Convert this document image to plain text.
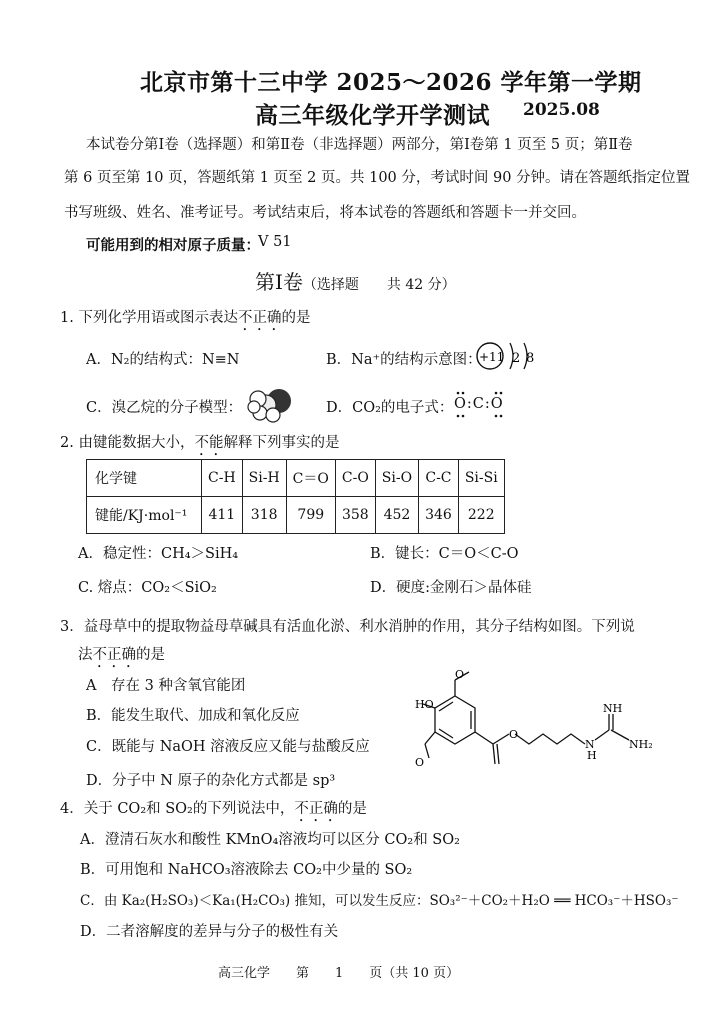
北京市第十三中学 2025～2026 学年第一学期
高三年级化学开学测试 2025.08
本试卷分第Ⅰ卷（选择题）和第Ⅱ卷（非选择题）两部分，第Ⅰ卷第 1 页至 5 页；第Ⅱ卷
第 6 页至第 10 页，答题纸第 1 页至 2 页。共 100 分，考试时间 90 分钟。请在答题纸指定位置
书写班级、姓名、准考证号。考试结束后，将本试卷的答题纸和答题卡一并交回。
可能用到的相对原子质量：
V 51
第Ⅰ卷（选择题　　共 42 分）
1. 下列化学用语或图示表达不正确的是
A．N₂的结构式：N≡N	B．Na⁺的结构示意图：
+11 2 8
C．溴乙烷的分子模型：	D．CO₂的电子式： O:C:O
2. 由键能数据大小，不能解释下列事实的是
化学键	C-H	Si-H	C＝O	C-O	Si-O	C-C	Si-Si
键能/KJ·mol⁻¹	411	318	799	358	452	346	222
A．稳定性：CH₄＞SiH₄	B．键长：C＝O＜C-O
C. 熔点：CO₂＜SiO₂	D．硬度:金刚石＞晶体硅
3．益母草中的提取物益母草碱具有活血化淤、利水消肿的作用，其分子结构如图。下列说
法不正确的是
A　存在 3 种含氧官能团
B．能发生取代、加成和氧化反应
C．既能与 NaOH 溶液反应又能与盐酸反应
D．分子中 N 原子的杂化方式都是 sp³
O
O
HO
O
NH
N
H
NH₂
4．关于 CO₂和 SO₂的下列说法中，不正确的是
A．澄清石灰水和酸性 KMnO₄溶液均可以区分 CO₂和 SO₂
B．可用饱和 NaHCO₃溶液除去 CO₂中少量的 SO₂
C．由 Ka₂(H₂SO₃)＜Ka₁(H₂CO₃) 推知，可以发生反应：SO₃²⁻＋CO₂＋H₂O ══ HCO₃⁻＋HSO₃⁻
D．二者溶解度的差异与分子的极性有关
高三化学　　第　　1　　页（共 10 页）
